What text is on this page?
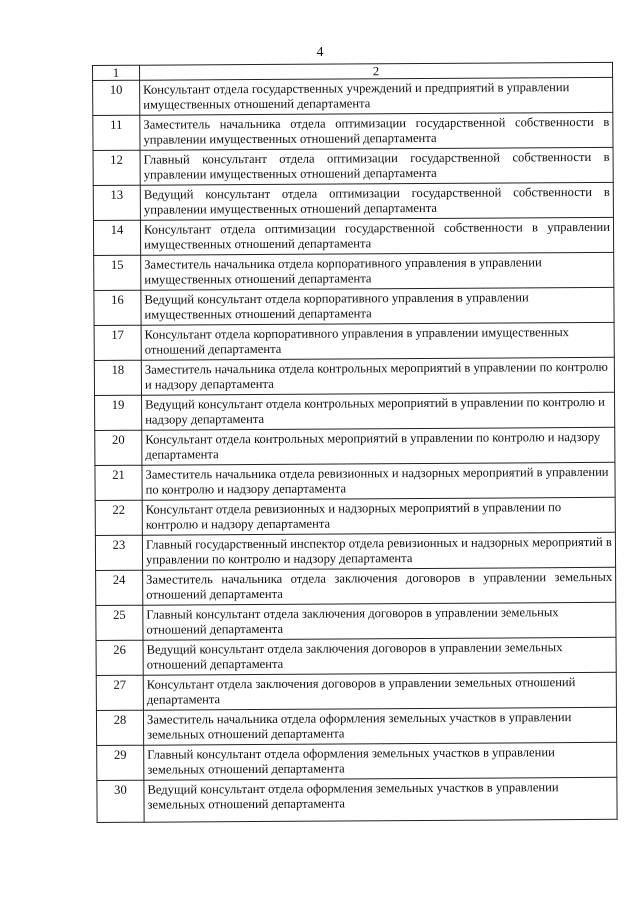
4
1	2
10	Консультант отдела государственных учреждений и предприятий в управлении имущественных отношений департамента
11	Заместитель начальника отдела оптимизации государственной собственности в управлении имущественных отношений департамента
12	Главный консультант отдела оптимизации государственной собственности в управлении имущественных отношений департамента
13	Ведущий консультант отдела оптимизации государственной собственности в управлении имущественных отношений департамента
14	Консультант отдела оптимизации государственной собственности в управлении имущественных отношений департамента
15	Заместитель начальника отдела корпоративного управления в управлении имущественных отношений департамента
16	Ведущий консультант отдела корпоративного управления в управлении имущественных отношений департамента
17	Консультант отдела корпоративного управления в управлении имущественных отношений департамента
18	Заместитель начальника отдела контрольных мероприятий в управлении по контролю и надзору департамента
19	Ведущий консультант отдела контрольных мероприятий в управлении по контролю и надзору департамента
20	Консультант отдела контрольных мероприятий в управлении по контролю и надзору департамента
21	Заместитель начальника отдела ревизионных и надзорных мероприятий в управлении по контролю и надзору департамента
22	Консультант отдела ревизионных и надзорных мероприятий в управлении по контролю и надзору департамента
23	Главный государственный инспектор отдела ревизионных и надзорных мероприятий в управлении по контролю и надзору департамента
24	Заместитель начальника отдела заключения договоров в управлении земельных отношений департамента
25	Главный консультант отдела заключения договоров в управлении земельных отношений департамента
26	Ведущий консультант отдела заключения договоров в управлении земельных отношений департамента
27	Консультант отдела заключения договоров в управлении земельных отношений департамента
28	Заместитель начальника отдела оформления земельных участков в управлении земельных отношений департамента
29	Главный консультант отдела оформления земельных участков в управлении земельных отношений департамента
30	Ведущий консультант отдела оформления земельных участков в управлении земельных отношений департамента
